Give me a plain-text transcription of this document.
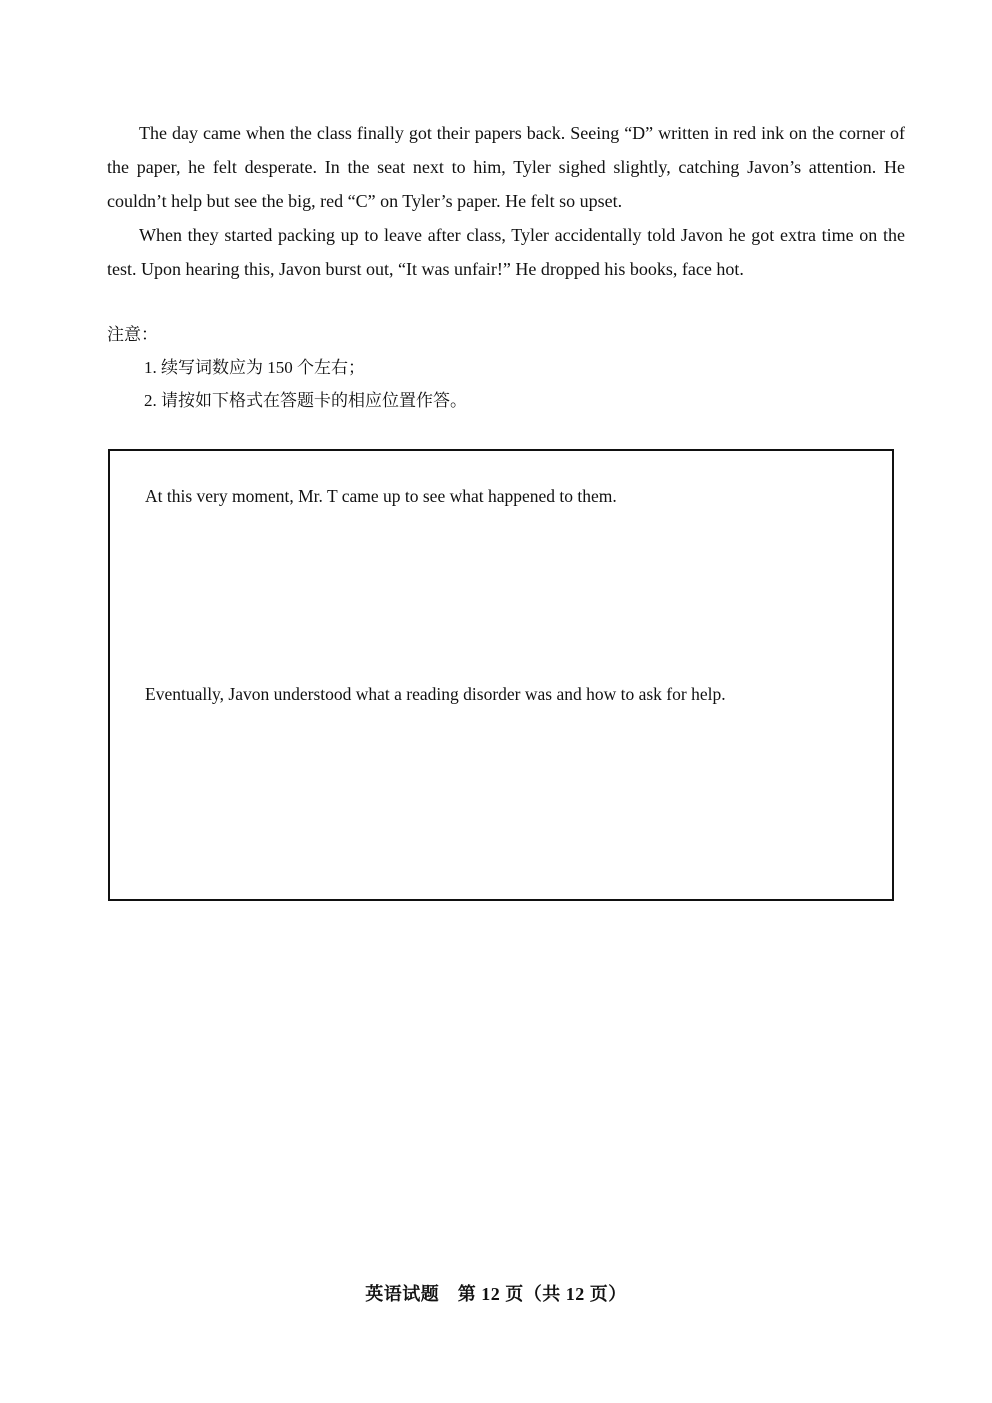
The day came when the class finally got their papers back. Seeing “D” written in red ink on the corner of the paper, he felt desperate. In the seat next to him, Tyler sighed slightly, catching Javon’s attention. He couldn’t help but see the big, red “C” on Tyler’s paper. He felt so upset.

When they started packing up to leave after class, Tyler accidentally told Javon he got extra time on the test. Upon hearing this, Javon burst out, “It was unfair!” He dropped his books, face hot.

注意：
1. 续写词数应为 150 个左右；
2. 请按如下格式在答题卡的相应位置作答。
At this very moment, Mr. T came up to see what happened to them.
Eventually, Javon understood what a reading disorder was and how to ask for help.
英语试题　第 12 页（共 12 页）
